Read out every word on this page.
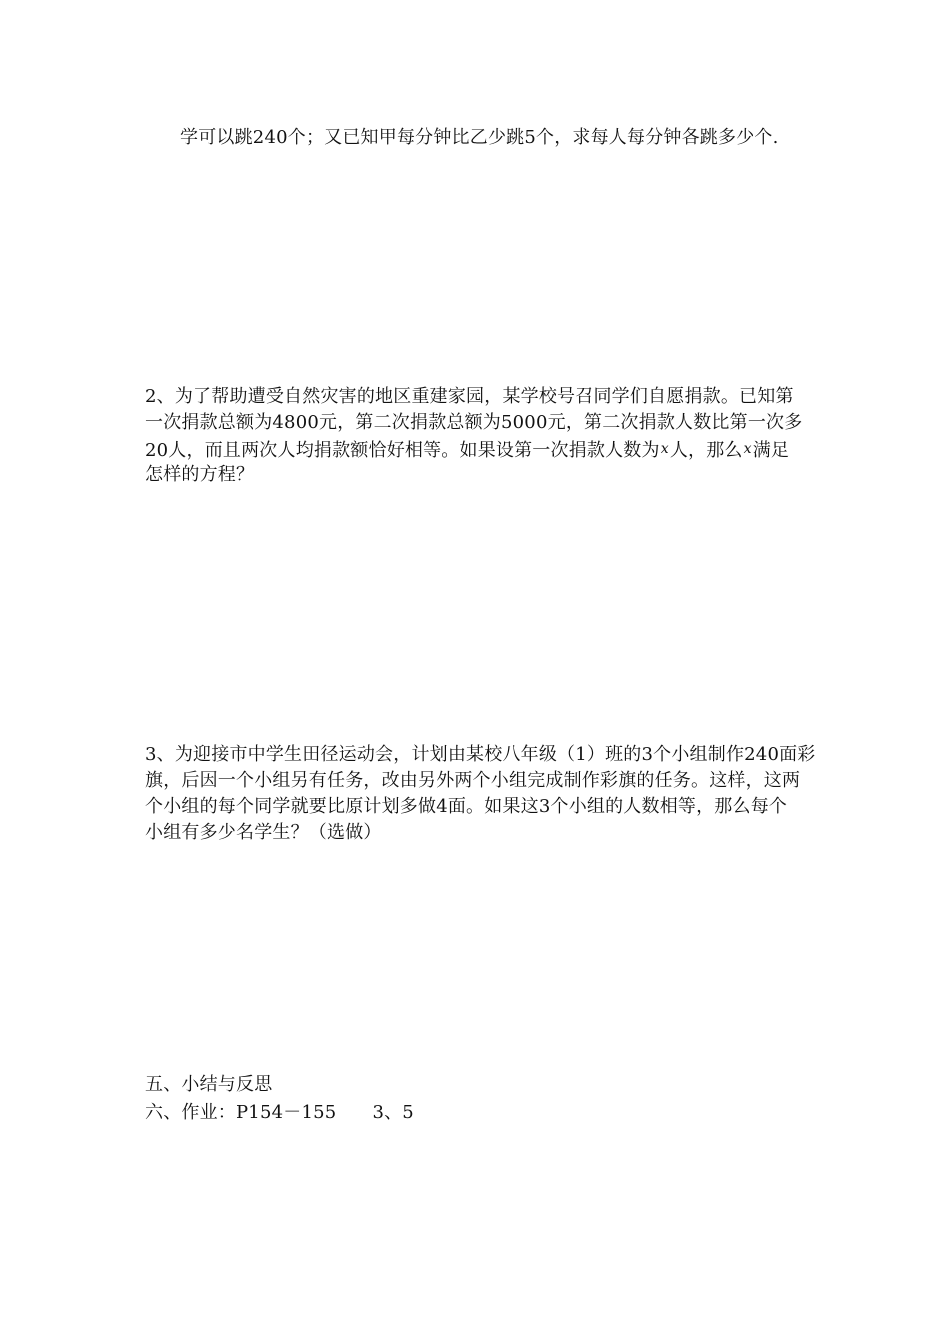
学可以跳240个；又已知甲每分钟比乙少跳5个，求每人每分钟各跳多少个.
2、为了帮助遭受自然灾害的地区重建家园，某学校号召同学们自愿捐款。已知第
一次捐款总额为4800元，第二次捐款总额为5000元，第二次捐款人数比第一次多
20人，而且两次人均捐款额恰好相等。如果设第一次捐款人数为x人，那么x满足
怎样的方程？
3、为迎接市中学生田径运动会，计划由某校八年级（1）班的3个小组制作240面彩
旗，后因一个小组另有任务，改由另外两个小组完成制作彩旗的任务。这样，这两
个小组的每个同学就要比原计划多做4面。如果这3个小组的人数相等，那么每个
小组有多少名学生？（选做）
五、小结与反思
六、作业：P154－155 3、5
